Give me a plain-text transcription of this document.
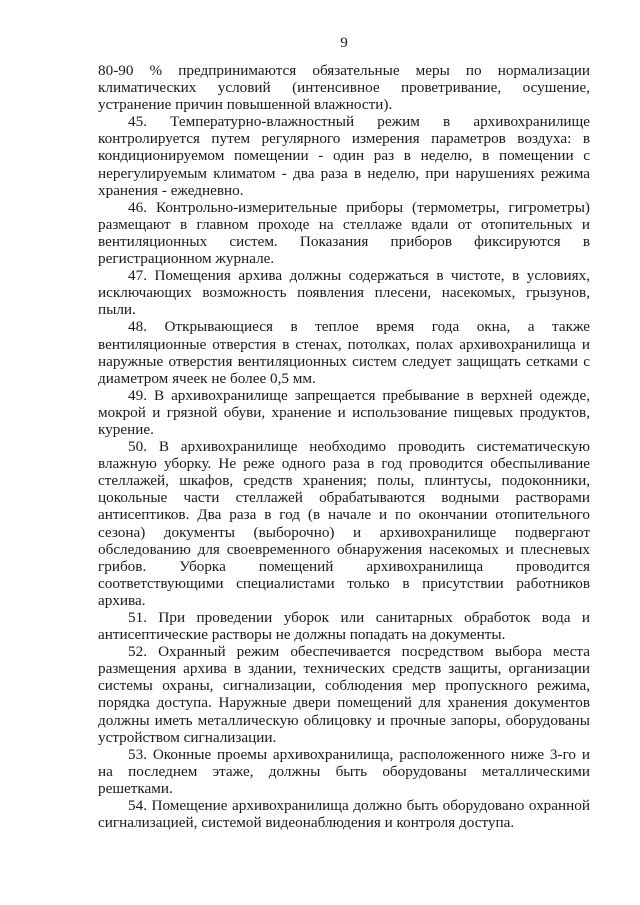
9

80-90 % предпринимаются обязательные меры по нормализации климатических условий (интенсивное проветривание, осушение, устранение причин повышенной влажности).

45. Температурно-влажностный режим в архивохранилище контролируется путем регулярного измерения параметров воздуха: в кондиционируемом помещении - один раз в неделю, в помещении с нерегулируемым климатом - два раза в неделю, при нарушениях режима хранения - ежедневно.

46. Контрольно-измерительные приборы (термометры, гигрометры) размещают в главном проходе на стеллаже вдали от отопительных и вентиляционных систем. Показания приборов фиксируются в регистрационном журнале.

47. Помещения архива должны содержаться в чистоте, в условиях, исключающих возможность появления плесени, насекомых, грызунов, пыли.

48. Открывающиеся в теплое время года окна, а также вентиляционные отверстия в стенах, потолках, полах архивохранилища и наружные отверстия вентиляционных систем следует защищать сетками с диаметром ячеек не более 0,5 мм.

49. В архивохранилище запрещается пребывание в верхней одежде, мокрой и грязной обуви, хранение и использование пищевых продуктов, курение.

50. В архивохранилище необходимо проводить систематическую влажную уборку. Не реже одного раза в год проводится обеспыливание стеллажей, шкафов, средств хранения; полы, плинтусы, подоконники, цокольные части стеллажей обрабатываются водными растворами антисептиков. Два раза в год (в начале и по окончании отопительного сезона) документы (выборочно) и архивохранилище подвергают обследованию для своевременного обнаружения насекомых и плесневых грибов. Уборка помещений архивохранилища проводится соответствующими специалистами только в присутствии работников архива.

51. При проведении уборок или санитарных обработок вода и антисептические растворы не должны попадать на документы.

52. Охранный режим обеспечивается посредством выбора места размещения архива в здании, технических средств защиты, организации системы охраны, сигнализации, соблюдения мер пропускного режима, порядка доступа. Наружные двери помещений для хранения документов должны иметь металлическую облицовку и прочные запоры, оборудованы устройством сигнализации.

53. Оконные проемы архивохранилища, расположенного ниже 3-го и на последнем этаже, должны быть оборудованы металлическими решетками.

54. Помещение архивохранилища должно быть оборудовано охранной сигнализацией, системой видеонаблюдения и контроля доступа.
